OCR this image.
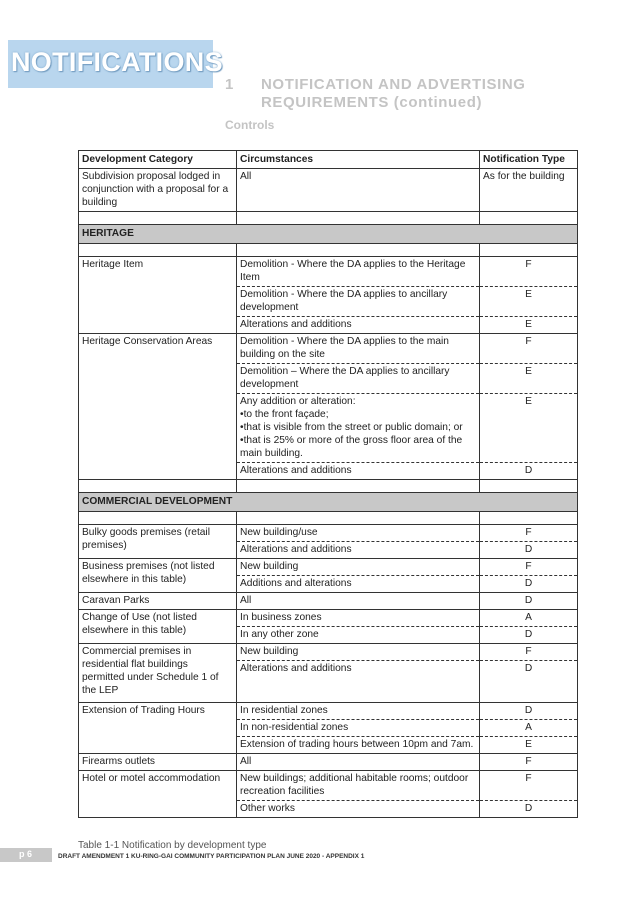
NOTIFICATIONS
1 NOTIFICATION AND ADVERTISING REQUIREMENTS (continued)
Controls
Development Category	Circumstances	Notification Type
Subdivision proposal lodged in conjunction with a proposal for a building	All	As for the building

HERITAGE		

Heritage Item	Demolition - Where the DA applies to the Heritage Item	F
	Demolition - Where the DA applies to ancillary development	E
	Alterations and additions	E
Heritage Conservation Areas	Demolition - Where the DA applies to the main building on the site	F
	Demolition – Where the DA applies to ancillary development	E

	Any addition or alteration:
•to the front façade;
•that is visible from the street or public domain; or
•that is 25% or more of the gross floor area of the main building.	E
	Alterations and additions	D

COMMERCIAL DEVELOPMENT		

Bulky goods premises (retail premises)	New building/use	F
	Alterations and additions	D
Business premises (not listed elsewhere in this table)	New building	F
	Additions and alterations	D
Caravan Parks	All	D
Change of Use (not listed elsewhere in this table)	In business zones	A
	In any other zone	D
Commercial premises in residential flat buildings permitted under Schedule 1 of the LEP	New building	F
	Alterations and additions	D
Extension of Trading Hours	In residential zones	D
	In non-residential zones	A
	Extension of trading hours between 10pm and 7am.	E
Firearms outlets	All	F
Hotel or motel accommodation	New buildings; additional habitable rooms; outdoor recreation facilities	F
	Other works	D
Table 1-1 Notification by development type
p 6	DRAFT AMENDMENT 1 KU-RING-GAI COMMUNITY PARTICIPATION PLAN JUNE 2020 - APPENDIX 1
